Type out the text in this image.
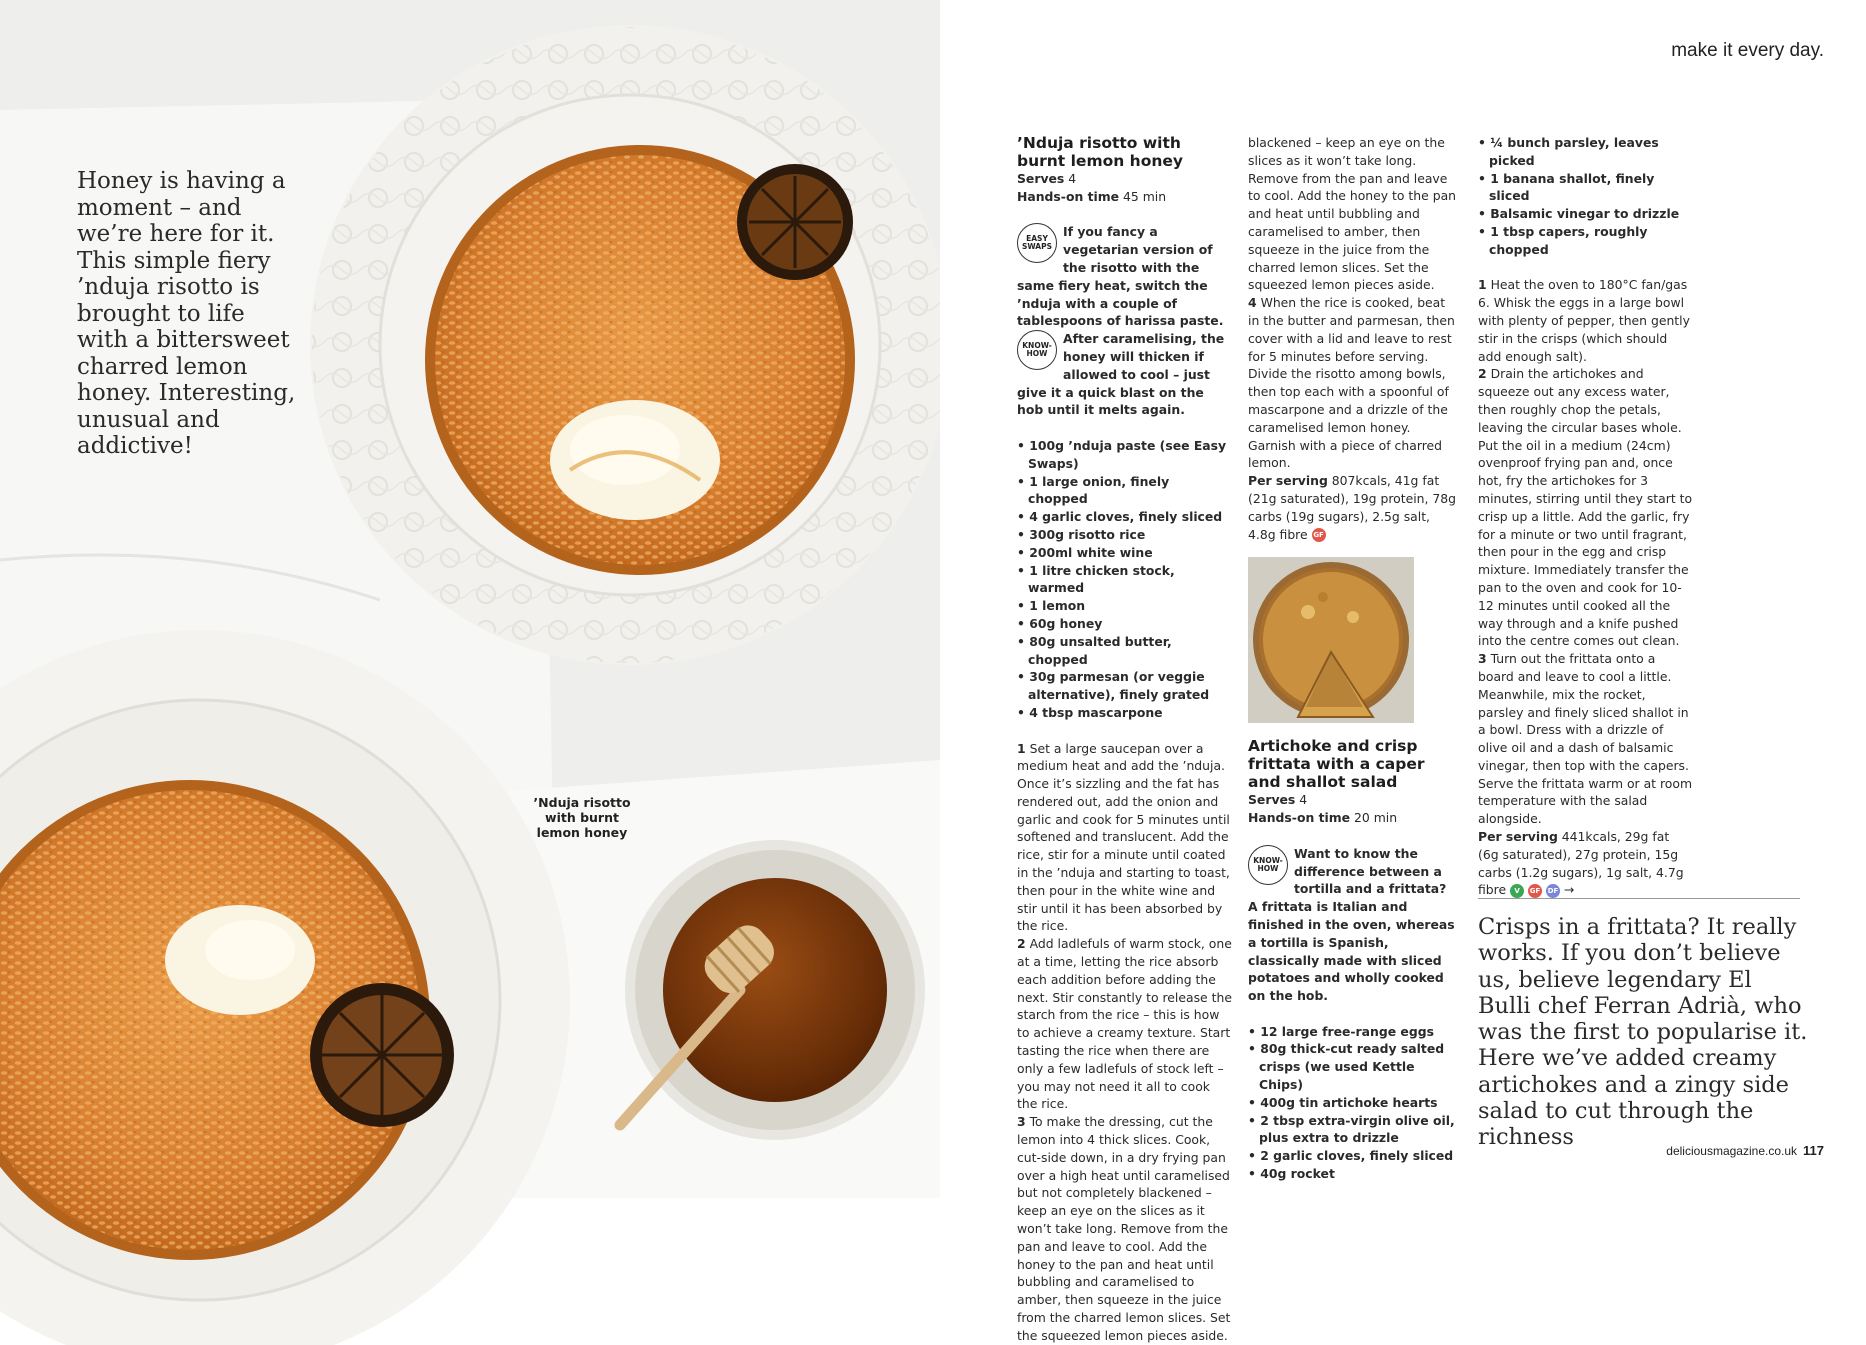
Honey is having a moment – and we’re here for it. This simple fiery ’nduja risotto is brought to life with a bittersweet charred lemon honey. Interesting, unusual and addictive!

’Nduja risotto with burnt lemon honey

make it every day.
’Nduja risotto with burnt lemon honey
Serves 4
Hands-on time 45 min
EASY SWAPS
If you fancy a vegetarian version of the risotto with the same fiery heat, switch the ’nduja with a couple of tablespoons of harissa paste.
KNOW-HOW
After caramelising, the honey will thicken if allowed to cool – just give it a quick blast on the hob until it melts again.
• 100g ’nduja paste (see Easy Swaps)
• 1 large onion, finely chopped
• 4 garlic cloves, finely sliced
• 300g risotto rice
• 200ml white wine
• 1 litre chicken stock, warmed
• 1 lemon
• 60g honey
• 80g unsalted butter, chopped
• 30g parmesan (or veggie alternative), finely grated
• 4 tbsp mascarpone

1 Set a large saucepan over a medium heat and add the ’nduja. Once it’s sizzling and the fat has rendered out, add the onion and garlic and cook for 5 minutes until softened and translucent. Add the rice, stir for a minute until coated in the ’nduja and starting to toast, then pour in the white wine and stir until it has been absorbed by the rice.

2 Add ladlefuls of warm stock, one at a time, letting the rice absorb each addition before adding the next. Stir constantly to release the starch from the rice – this is how to achieve a creamy texture. Start tasting the rice when there are only a few ladlefuls of stock left – you may not need it all to cook the rice.

3 To make the dressing, cut the lemon into 4 thick slices. Cook, cut-side down, in a dry frying pan over a high heat until caramelised but not completely blackened – keep an eye on the slices as it won’t take long. Remove from the pan and leave to cool. Add the honey to the pan and heat until bubbling and caramelised to amber, then squeeze in the juice from the charred lemon slices. Set the squeezed lemon pieces aside.

blackened – keep an eye on the slices as it won’t take long. Remove from the pan and leave to cool. Add the honey to the pan and heat until bubbling and caramelised to amber, then squeeze in the juice from the charred lemon slices. Set the squeezed lemon pieces aside.

4 When the rice is cooked, beat in the butter and parmesan, then cover with a lid and leave to rest for 5 minutes before serving. Divide the risotto among bowls, then top each with a spoonful of mascarpone and a drizzle of the caramelised lemon honey. Garnish with a piece of charred lemon.

Per serving 807kcals, 41g fat (21g saturated), 19g protein, 78g carbs (19g sugars), 2.5g salt, 4.8g fibre GF

Artichoke and crisp frittata with a caper and shallot salad
Serves 4
Hands-on time 20 min
KNOW-HOW
Want to know the difference between a tortilla and a frittata?
A frittata is Italian and finished in the oven, whereas a tortilla is Spanish, classically made with sliced potatoes and wholly cooked on the hob.
• 12 large free-range eggs
• 80g thick-cut ready salted crisps (we used Kettle Chips)
• 400g tin artichoke hearts
• 2 tbsp extra-virgin olive oil, plus extra to drizzle
• 2 garlic cloves, finely sliced
• 40g rocket
• ¼ bunch parsley, leaves picked
• 1 banana shallot, finely sliced
• Balsamic vinegar to drizzle
• 1 tbsp capers, roughly chopped

1 Heat the oven to 180°C fan/gas 6. Whisk the eggs in a large bowl with plenty of pepper, then gently stir in the crisps (which should add enough salt).

2 Drain the artichokes and squeeze out any excess water, then roughly chop the petals, leaving the circular bases whole. Put the oil in a medium (24cm) ovenproof frying pan and, once hot, fry the artichokes for 3 minutes, stirring until they start to crisp up a little. Add the garlic, fry for a minute or two until fragrant, then pour in the egg and crisp mixture. Immediately transfer the pan to the oven and cook for 10-12 minutes until cooked all the way through and a knife pushed into the centre comes out clean.

3 Turn out the frittata onto a board and leave to cool a little. Meanwhile, mix the rocket, parsley and finely sliced shallot in a bowl. Dress with a drizzle of olive oil and a dash of balsamic vinegar, then top with the capers. Serve the frittata warm or at room temperature with the salad alongside.

Per serving 441kcals, 29g fat (6g saturated), 27g protein, 15g carbs (1.2g sugars), 1g salt, 4.7g fibre V GF DF →

Crisps in a frittata? It really works. If you don’t believe us, believe legendary El Bulli chef Ferran Adrià, who was the first to popularise it. Here we’ve added creamy artichokes and a zingy side salad to cut through the richness

deliciousmagazine.co.uk 117
